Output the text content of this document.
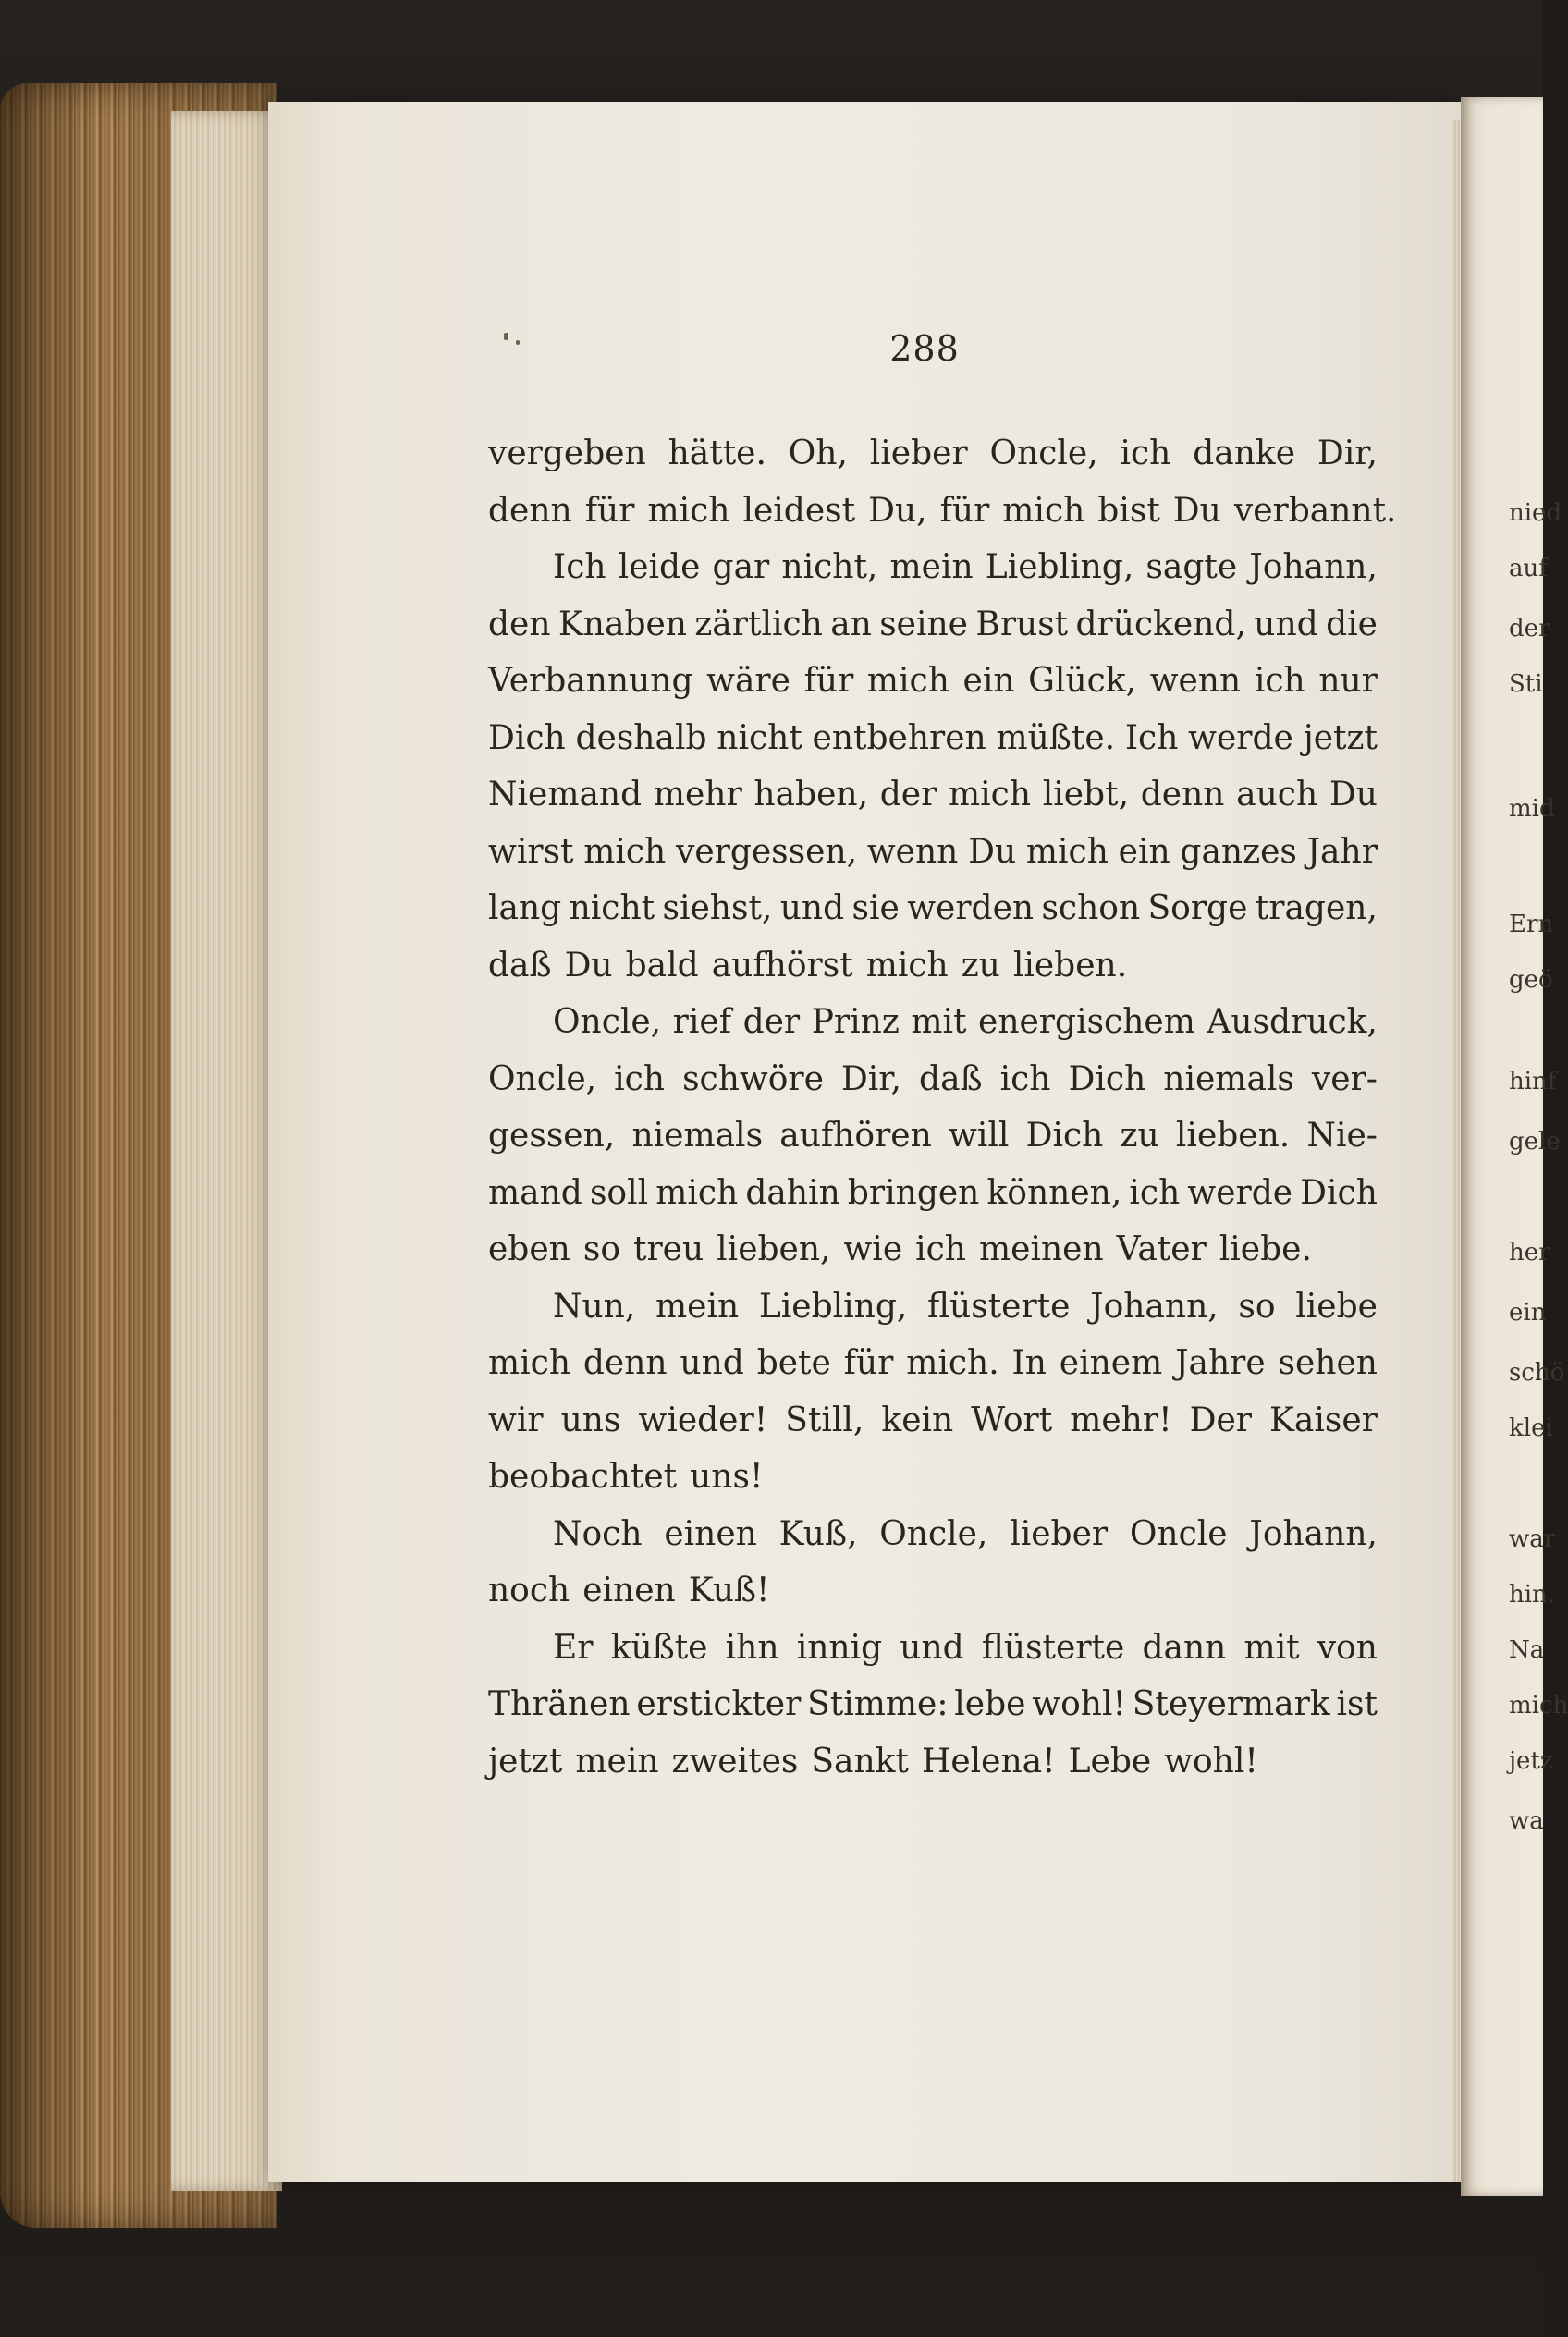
288
vergeben hätte. Oh, lieber Oncle, ich danke Dir,
denn für mich leidest Du, für mich bist Du verbannt.
Ich leide gar nicht, mein Liebling, sagte Johann,
den Knaben zärtlich an seine Brust drückend, und die
Verbannung wäre für mich ein Glück, wenn ich nur
Dich deshalb nicht entbehren müßte. Ich werde jetzt
Niemand mehr haben, der mich liebt, denn auch Du
wirst mich vergessen, wenn Du mich ein ganzes Jahr
lang nicht siehst, und sie werden schon Sorge tragen,
daß Du bald aufhörst mich zu lieben.
Oncle, rief der Prinz mit energischem Ausdruck,
Oncle, ich schwöre Dir, daß ich Dich niemals ver-
gessen, niemals aufhören will Dich zu lieben. Nie-
mand soll mich dahin bringen können, ich werde Dich
eben so treu lieben, wie ich meinen Vater liebe.
Nun, mein Liebling, flüsterte Johann, so liebe
mich denn und bete für mich. In einem Jahre sehen
wir uns wieder! Still, kein Wort mehr! Der Kaiser
beobachtet uns!
Noch einen Kuß, Oncle, lieber Oncle Johann,
noch einen Kuß!
Er küßte ihn innig und flüsterte dann mit von
Thränen erstickter Stimme: lebe wohl! Steyermark ist
jetzt mein zweites Sankt Helena! Lebe wohl!
nied
auf
der
Sti
mid
Ern
geö
hinf
gele
her
ein
schö
klei
war
hin.
Na
mich
jetz
wa
